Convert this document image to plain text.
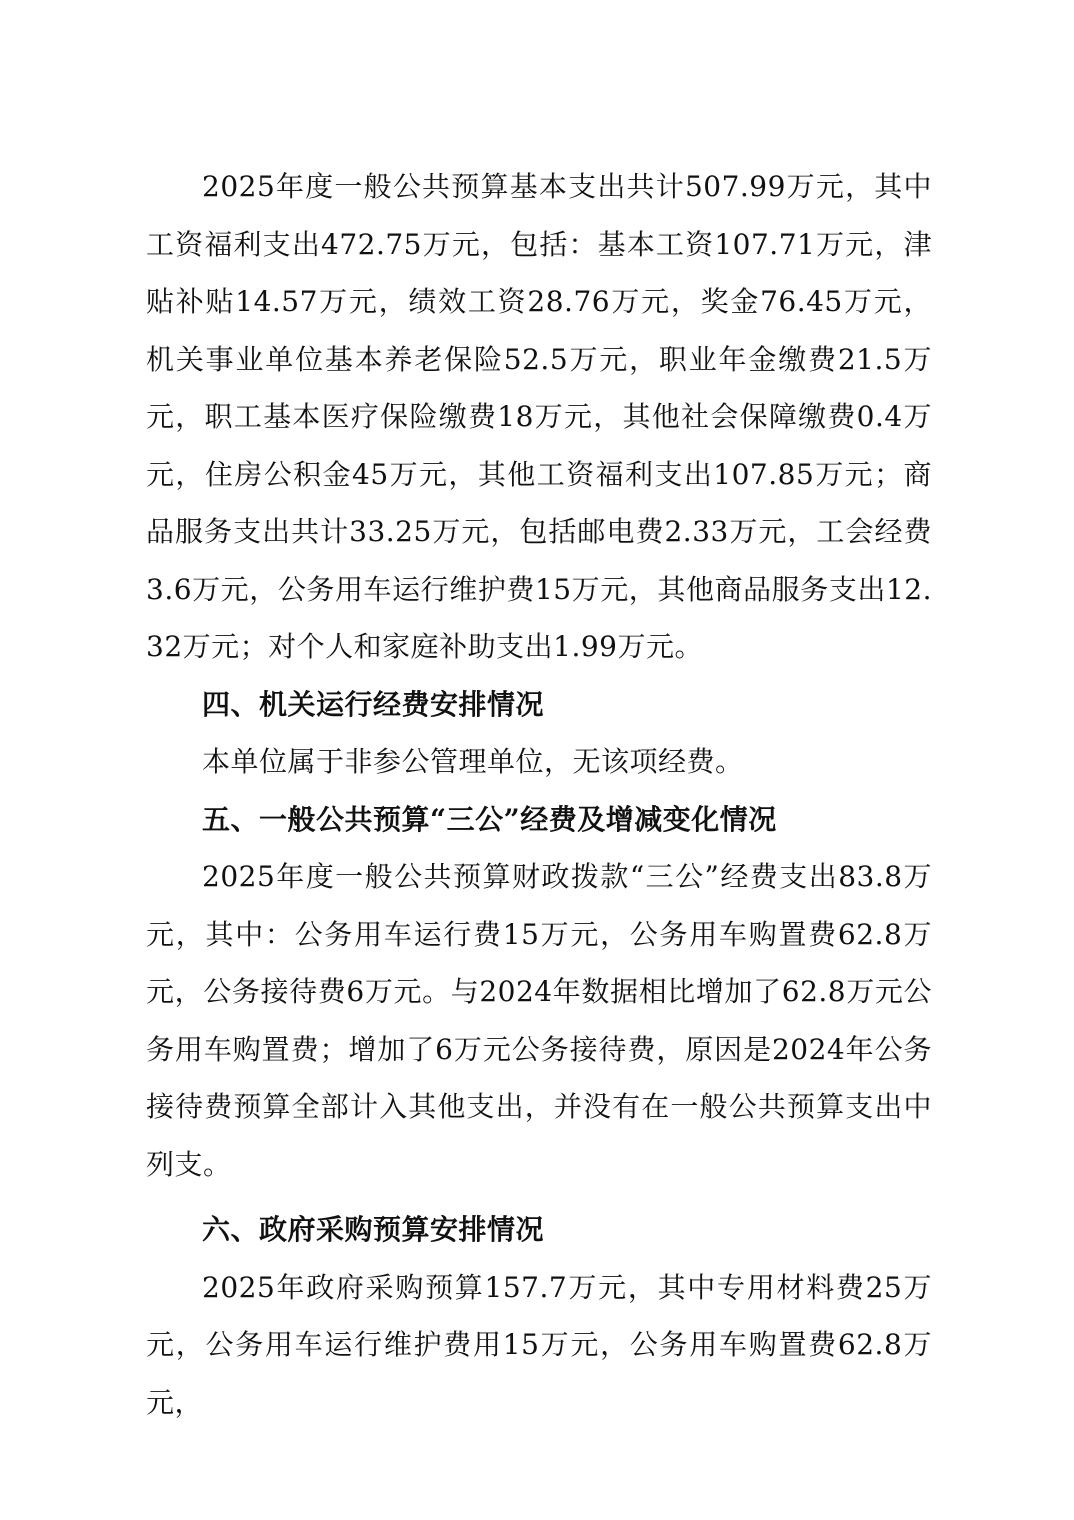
2025年度一般公共预算基本支出共计507.99万元，其中工资福利支出472.75万元，包括：基本工资107.71万元，津贴补贴14.57万元，绩效工资28.76万元，奖金76.45万元，机关事业单位基本养老保险52.5万元，职业年金缴费21.5万元，职工基本医疗保险缴费18万元，其他社会保障缴费0.4万元，住房公积金45万元，其他工资福利支出107.85万元；商品服务支出共计33.25万元，包括邮电费2.33万元，工会经费3.6万元，公务用车运行维护费15万元，其他商品服务支出12.32万元；对个人和家庭补助支出1.99万元。

四、机关运行经费安排情况

本单位属于非参公管理单位，无该项经费。

五、一般公共预算“三公”经费及增减变化情况

2025年度一般公共预算财政拨款“三公”经费支出83.8万元，其中：公务用车运行费15万元，公务用车购置费62.8万元，公务接待费6万元。与2024年数据相比增加了62.8万元公务用车购置费；增加了6万元公务接待费，原因是2024年公务接待费预算全部计入其他支出，并没有在一般公共预算支出中列支。

六、政府采购预算安排情况

2025年政府采购预算157.7万元，其中专用材料费25万元，公务用车运行维护费用15万元，公务用车购置费62.8万元，
